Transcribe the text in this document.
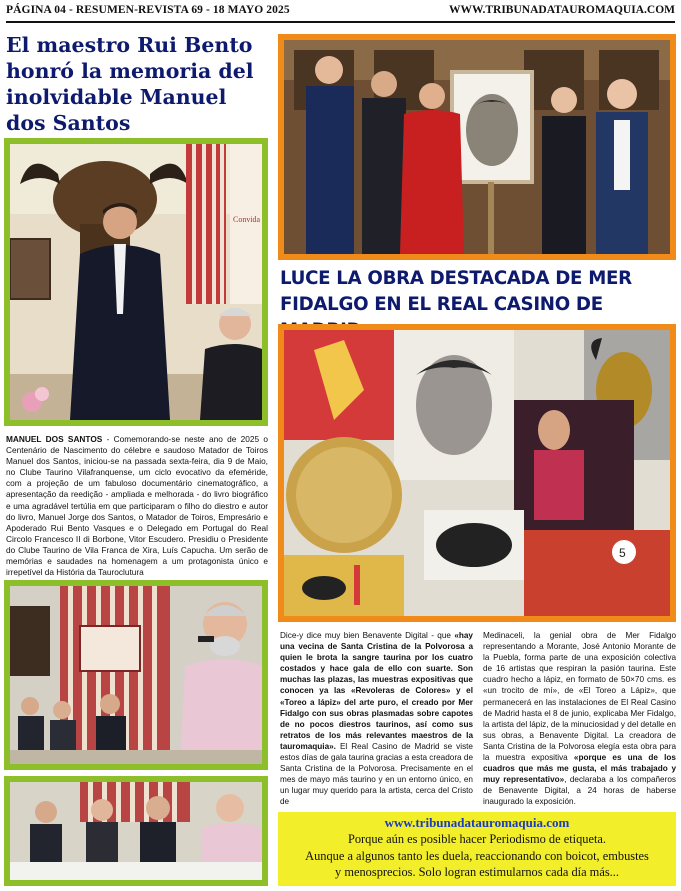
PÁGINA 04 - RESUMEN-REVISTA 69 - 18 MAYO 2025	WWW.TRIBUNADATAUROMAQUIA.COM
El maestro Rui Bento honró la memoria del inolvidable Manuel dos Santos
Convida
MANUEL DOS SANTOS - Comemorando-se neste ano de 2025 o Centenário de Nascimento do célebre e saudoso Matador de Toiros Manuel dos Santos, iniciou-se na passada sexta-feira, dia 9 de Maio, no Clube Taurino Vilafranquense, um ciclo evocativo da efeméride, com a projeção de um fabuloso documentário cinematográfico, a apresentação da reedição - ampliada e melhorada - do livro biográfico e uma agradável tertúlia em que participaram o filho do diestro e autor do livro, Manuel Jorge dos Santos, o Matador de Toiros, Empresário e Apoderado Rui Bento Vasques e o Delegado em Portugal do Real Circolo Francesco II di Borbone, Vitor Escudero. Presidiu o Presidente do Clube Taurino de Vila Franca de Xira, Luís Capucha. Um serão de memórias e saudades na homenagem a um protagonista único e irrepetível da História da Tauroclutura
LUCE LA OBRA DESTACADA DE MER FIDALGO EN EL REAL CASINO DE
5
Dice-y dice muy bien Benavente Digital - que «hay una vecina de Santa Cristina de la Polvorosa a quien le brota la sangre taurina por los cuatro costados y hace gala de ello con suarte. Son muchas las plazas, las muestras expositivas que conocen ya las «Revoleras de Colores» y el «Toreo a lápiz» del arte puro, el creado por Mer Fidalgo con sus obras plasmadas sobre capotes de no pocos diestros taurinos, así como sus retratos de los más relevantes maestros de la tauromaquia». El Real Casino de Madrid se viste estos días de gala taurina gracias a esta creadora de Santa Cristina de la Polvorosa. Precisamente en el mes de mayo más taurino y en un entorno único, en un lugar muy querido para la artista, cerca del Cristo de
Medinaceli, la genial obra de Mer Fidalgo representando a Morante, José Antonio Morante de la Puebla, forma parte de una exposición colectiva de 16 artistas que respiran la pasión taurina. Este cuadro hecho a lápiz, en formato de 50×70 cms. es «un trocito de mí», de «El Toreo a Lápiz», que permanecerá en las instalaciones de El Real Casino de Madrid hasta el 8 de junio, explicaba Mer Fidalgo, la artista del lápiz, de la minuciosidad y del detalle en sus obras, a Benavente Digital. La creadora de Santa Cristina de la Polvorosa elegía esta obra para la muestra expositiva «porque es una de los cuadros que más me gusta, el más trabajado y muy representativo», declaraba a los compañeros de Benavente Digital, a 24 horas de haberse inaugurado la exposición.
www.tribunadatauromaquia.com
Porque aún es posible hacer Periodismo de etiqueta.
Aunque a algunos tanto les duela, reaccionando con boicot, embustes
y menosprecios. Solo logran estimularnos cada día más...
